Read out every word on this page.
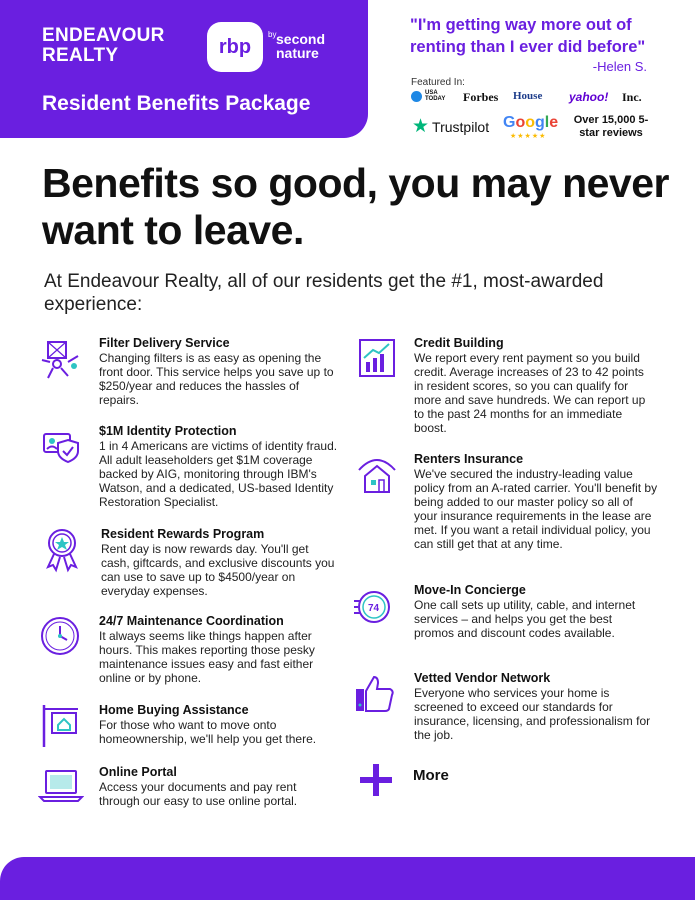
ENDEAVOUR REALTY	rbp
by second nature
Resident Benefits Package
"I'm getting way more out of renting than I ever did before"
-Helen S.
Featured In:
USA TODAY Forbes House yahoo! Inc.
★ Trustpilot Google
★★★★★
Over 15,000 5-star reviews
Benefits so good, you may never want to leave.
At Endeavour Realty, all of our residents get the #1, most-awarded experience:
Filter Delivery Service
Changing filters is as easy as opening the front door. This service helps you save up to $250/year and reduces the hassles of repairs.
$1M Identity Protection
1 in 4 Americans are victims of identity fraud. All adult leaseholders get $1M coverage backed by AIG, monitoring through IBM's Watson, and a dedicated, US-based Identity Restoration Specialist.
Resident Rewards Program
Rent day is now rewards day. You'll get cash, giftcards, and exclusive discounts you can use to save up to $4500/year on everyday expenses.
24/7 Maintenance Coordination
It always seems like things happen after hours. This makes reporting those pesky maintenance issues easy and fast either online or by phone.
Home Buying Assistance
For those who want to move onto homeownership, we'll help you get there.
Online Portal
Access your documents and pay rent through our easy to use online portal.
Credit Building
We report every rent payment so you build credit. Average increases of 23 to 42 points in resident scores, so you can qualify for more and save hundreds. We can report up to the past 24 months for an immediate boost.
Renters Insurance
We've secured the industry-leading value policy from an A-rated carrier. You'll benefit by being added to our master policy so all of your insurance requirements in the lease are met. If you want a retail individual policy, you can still get that at any time.
74
Move-In Concierge
One call sets up utility, cable, and internet services – and helps you get the best promos and discount codes available.
Vetted Vendor Network
Everyone who services your home is screened to exceed our standards for insurance, licensing, and professionalism for the job.
More
